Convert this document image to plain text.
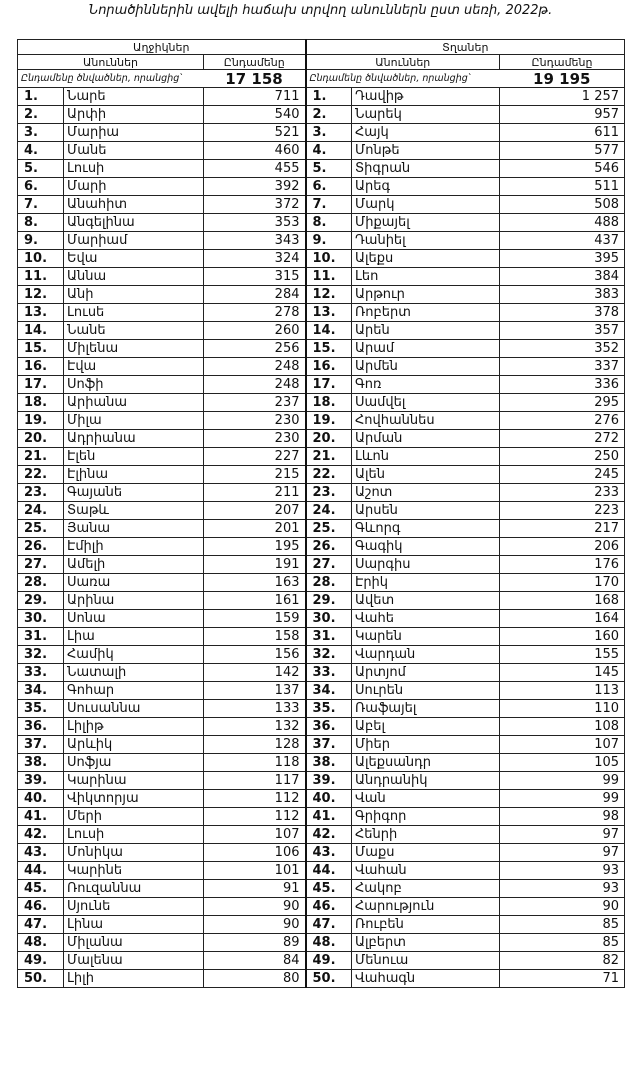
Նորածիններին ավելի հաճախ տրվող անուններն ըստ սեռի, 2022թ.
Աղջիկներ			Տղաներ		
Անուններ		Ընդամենը	Անուններ		Ընդամենը
Ընդամենը ծնվածներ, որանցից՝		17 158	Ընդամենը ծնվածներ, որանցից՝		19 195
1.	Նարե	711	1.	Դավիթ	1 257
2.	Արփի	540	2.	Նարեկ	957
3.	Մարիա	521	3.	Հայկ	611
4.	Մանե	460	4.	Մոնթե	577
5.	Լուսի	455	5.	Տիգրան	546
6.	Մարի	392	6.	Արեգ	511
7.	Անահիտ	372	7.	Մարկ	508
8.	Անգելինա	353	8.	Միքայել	488
9.	Մարիամ	343	9.	Դանիել	437
10.	Եվա	324	10.	Ալեքս	395
11.	Աննա	315	11.	Լեո	384
12.	Անի	284	12.	Արթուր	383
13.	Լուսե	278	13.	Ռոբերտ	378
14.	Նանե	260	14.	Արեն	357
15.	Միլենա	256	15.	Արամ	352
16.	Էվա	248	16.	Արմեն	337
17.	Սոֆի	248	17.	Գոռ	336
18.	Արիանա	237	18.	Սամվել	295
19.	Միլա	230	19.	Հովհաննես	276
20.	Ադրիանա	230	20.	Արման	272
21.	Էլեն	227	21.	Լևոն	250
22.	Էլինա	215	22.	Ալեն	245
23.	Գայանե	211	23.	Աշոտ	233
24.	Տաթև	207	24.	Արսեն	223
25.	Յանա	201	25.	Գևորգ	217
26.	Էմիլի	195	26.	Գագիկ	206
27.	Ամելի	191	27.	Սարգիս	176
28.	Սառա	163	28.	Էրիկ	170
29.	Արինա	161	29.	Ավետ	168
30.	Սոնա	159	30.	Վահե	164
31.	Լիա	158	31.	Կարեն	160
32.	Համիկ	156	32.	Վարդան	155
33.	Նատալի	142	33.	Արտյոմ	145
34.	Գոհար	137	34.	Սուրեն	113
35.	Սուսաննա	133	35.	Ռաֆայել	110
36.	Լիլիթ	132	36.	Աբել	108
37.	Արևիկ	128	37.	Միեր	107
38.	Սոֆյա	118	38.	Ալեքսանդր	105
39.	Կարինա	117	39.	Անդրանիկ	99
40.	Վիկտորյա	112	40.	Վան	99
41.	Մերի	112	41.	Գրիգոր	98
42.	Լուսի	107	42.	Հենրի	97
43.	Մոնիկա	106	43.	Մաքս	97
44.	Կարինե	101	44.	Վահան	93
45.	Ռուզաննա	91	45.	Հակոբ	93
46.	Սյունե	90	46.	Հարություն	90
47.	Լինա	90	47.	Ռուբեն	85
48.	Միլանա	89	48.	Ալբերտ	85
49.	Մալենա	84	49.	Մենուա	82
50.	Լիլի	80	50.	Վահագն	71
